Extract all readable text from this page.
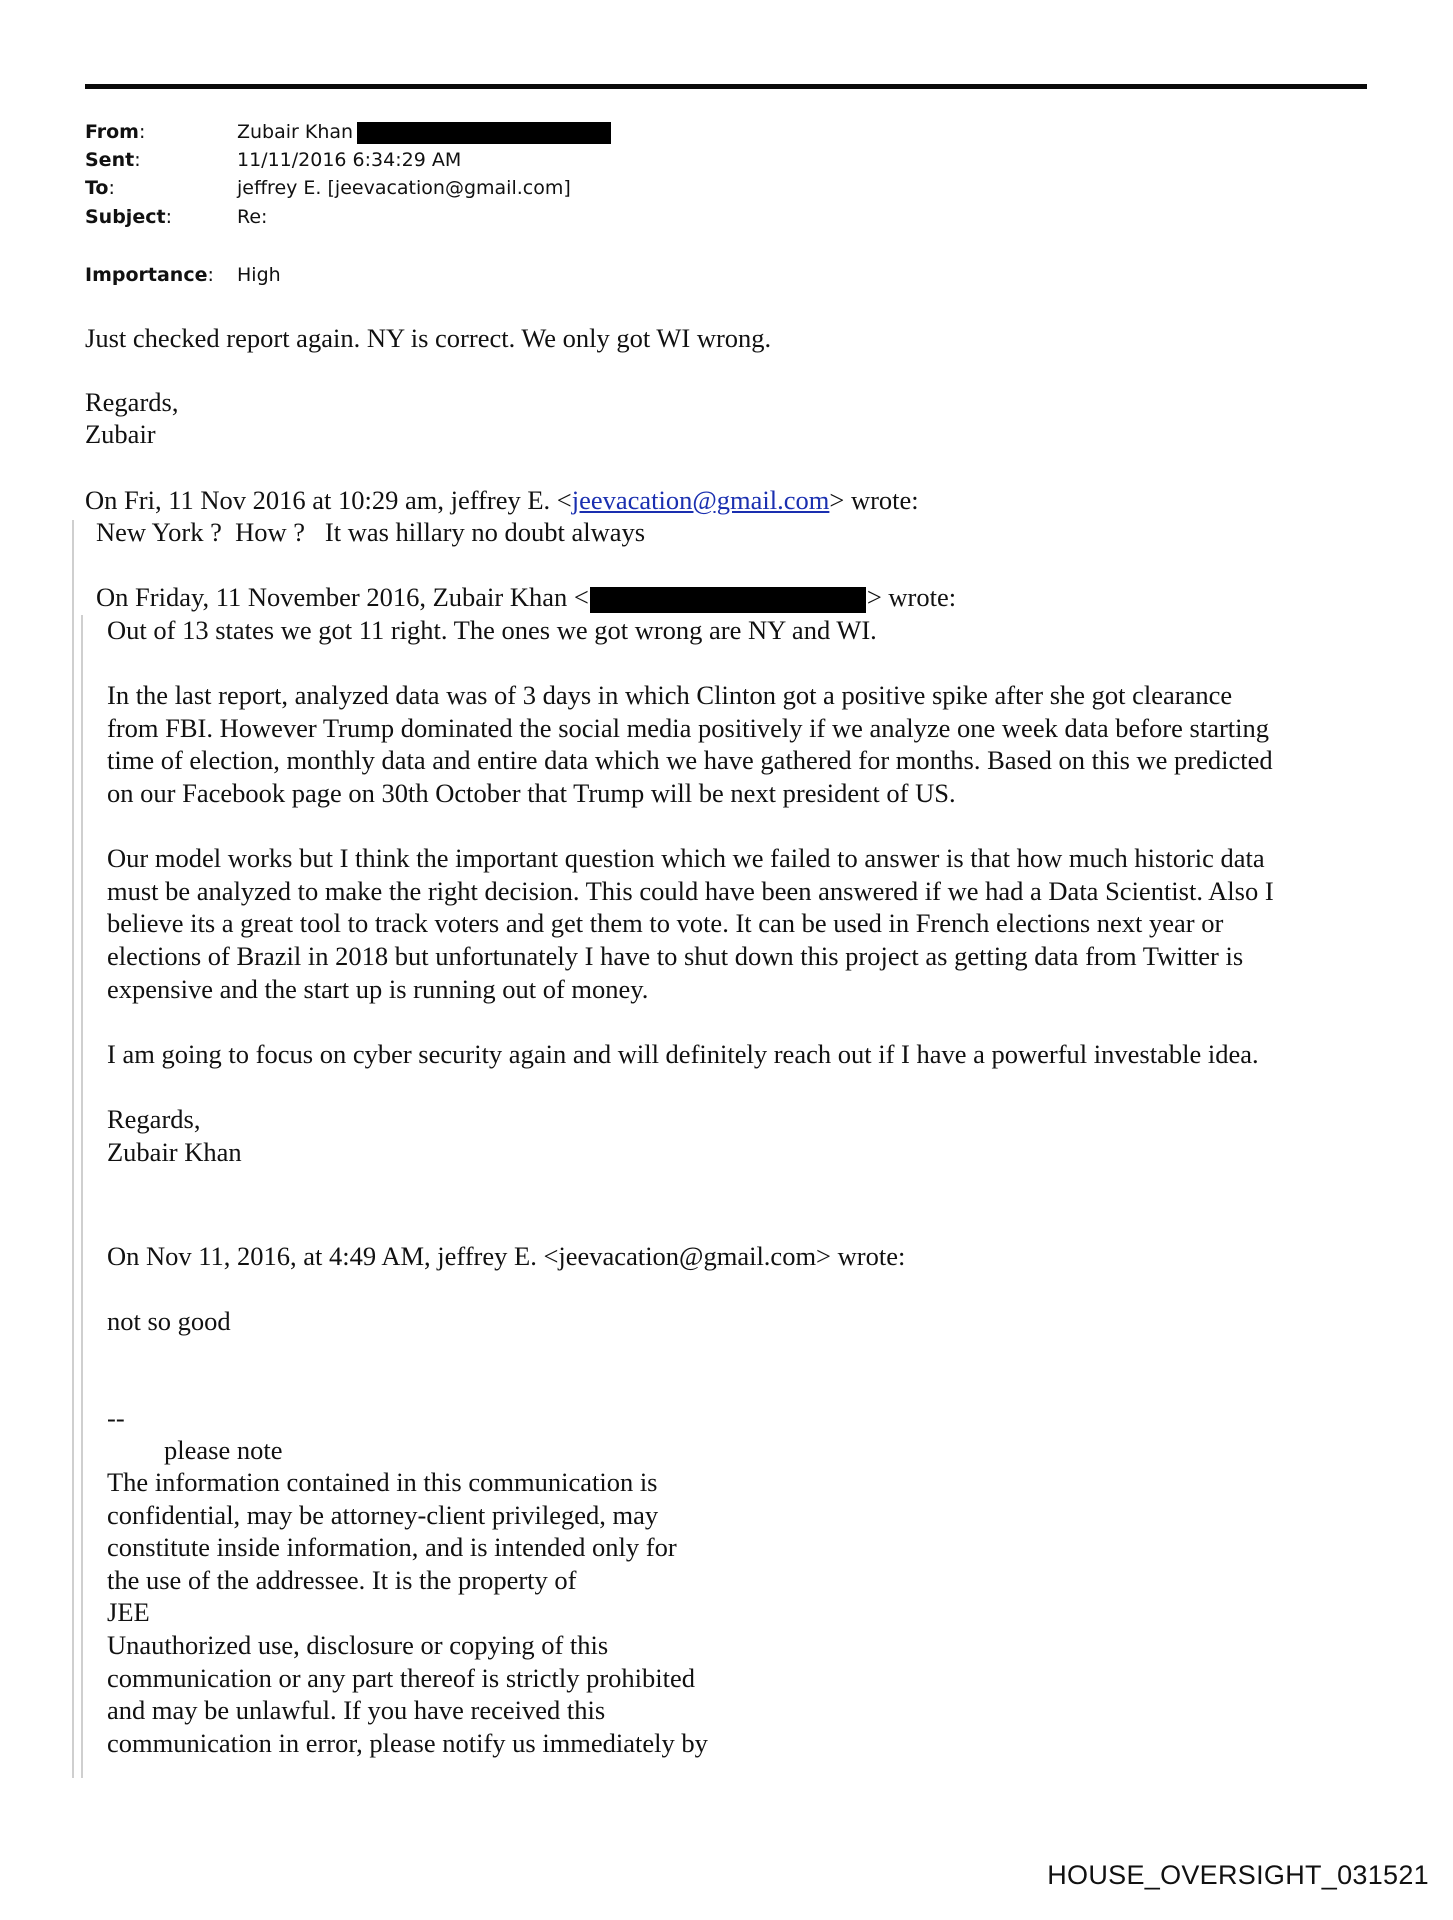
From:	Zubair Khan
Sent:	11/11/2016 6:34:29 AM
To:	jeffrey E. [jeevacation@gmail.com]
Subject:	Re:
Importance: High
Just checked report again. NY is correct. We only got WI wrong.
Regards,
Zubair
On Fri, 11 Nov 2016 at 10:29 am, jeffrey E. <jeevacation@gmail.com> wrote:
New York ?  How ?   It was hillary no doubt always
On Friday, 11 November 2016, Zubair Khan <	> wrote:
Out of 13 states we got 11 right. The ones we got wrong are NY and WI.
In the last report, analyzed data was of 3 days in which Clinton got a positive spike after she got clearance
from FBI. However Trump dominated the social media positively if we analyze one week data before starting
time of election, monthly data and entire data which we have gathered for months. Based on this we predicted
on our Facebook page on 30th October that Trump will be next president of US.
Our model works but I think the important question which we failed to answer is that how much historic data
must be analyzed to make the right decision. This could have been answered if we had a Data Scientist. Also I
believe its a great tool to track voters and get them to vote. It can be used in French elections next year or
elections of Brazil in 2018 but unfortunately I have to shut down this project as getting data from Twitter is
expensive and the start up is running out of money.
I am going to focus on cyber security again and will definitely reach out if I have a powerful investable idea.
Regards,
Zubair Khan
On Nov 11, 2016, at 4:49 AM, jeffrey E. <jeevacation@gmail.com> wrote:
not so good
--
please note
The information contained in this communication is
confidential, may be attorney-client privileged, may
constitute inside information, and is intended only for
the use of the addressee. It is the property of
JEE
Unauthorized use, disclosure or copying of this
communication or any part thereof is strictly prohibited
and may be unlawful. If you have received this
communication in error, please notify us immediately by
HOUSE_OVERSIGHT_031521
